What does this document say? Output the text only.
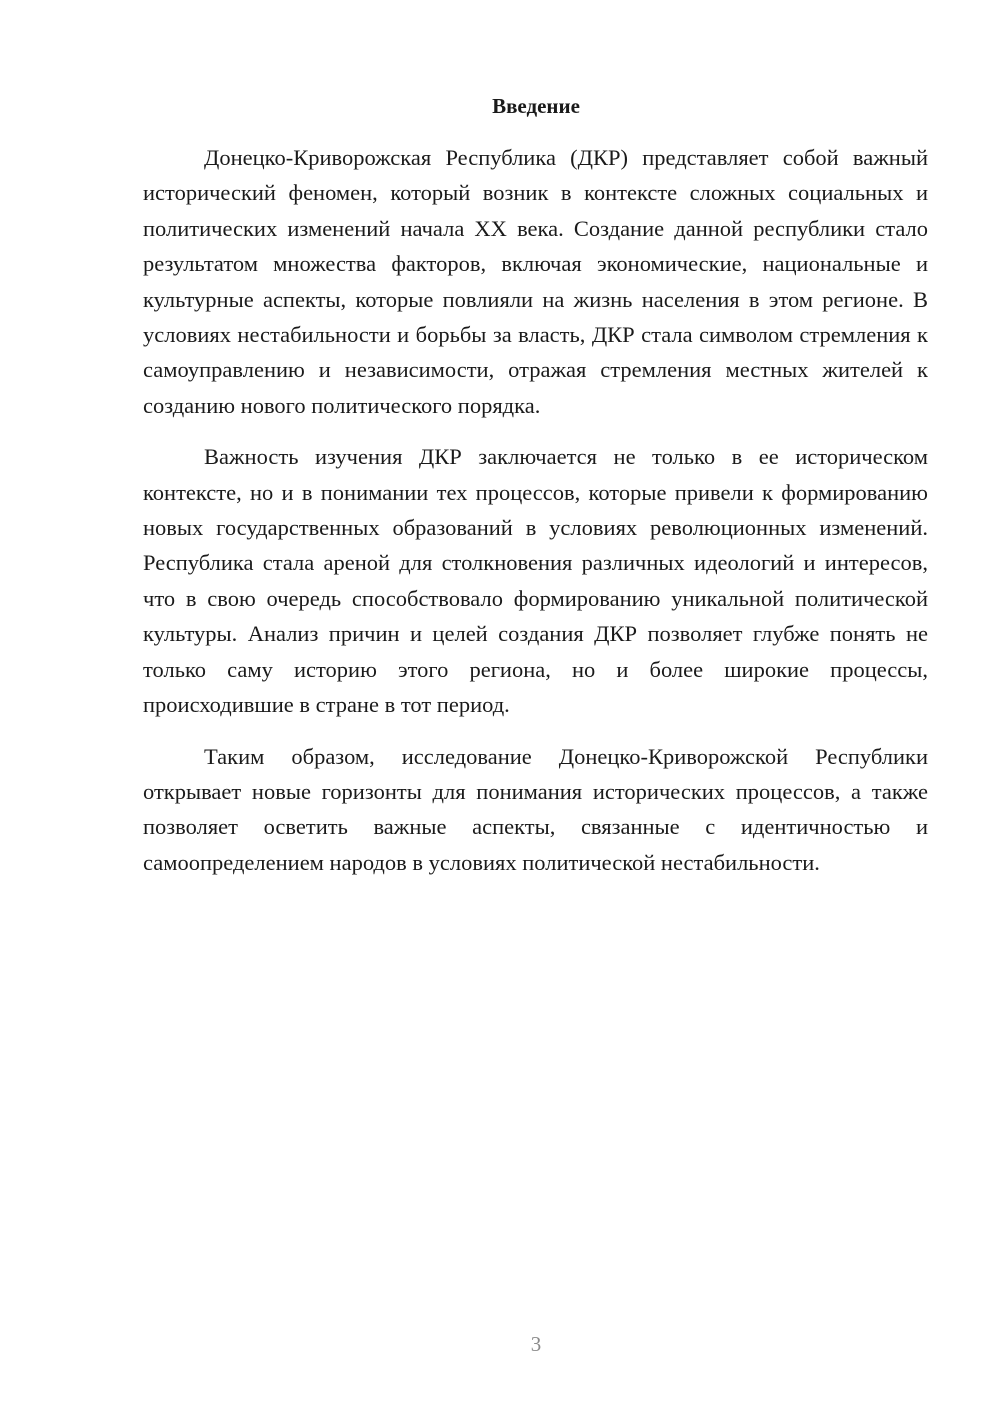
Введение

Донецко-Криворожская Республика (ДКР) представляет собой важный исторический феномен, который возник в контексте сложных социальных и политических изменений начала XX века. Создание данной республики стало результатом множества факторов, включая экономические, национальные и культурные аспекты, которые повлияли на жизнь населения в этом регионе. В условиях нестабильности и борьбы за власть, ДКР стала символом стремления к самоуправлению и независимости, отражая стремления местных жителей к созданию нового политического порядка.

Важность изучения ДКР заключается не только в ее историческом контексте, но и в понимании тех процессов, которые привели к формированию новых государственных образований в условиях революционных изменений. Республика стала ареной для столкновения различных идеологий и интересов, что в свою очередь способствовало формированию уникальной политической культуры. Анализ причин и целей создания ДКР позволяет глубже понять не только саму историю этого региона, но и более широкие процессы, происходившие в стране в тот период.

Таким образом, исследование Донецко-Криворожской Республики открывает новые горизонты для понимания исторических процессов, а также позволяет осветить важные аспекты, связанные с идентичностью и самоопределением народов в условиях политической нестабильности.

3
